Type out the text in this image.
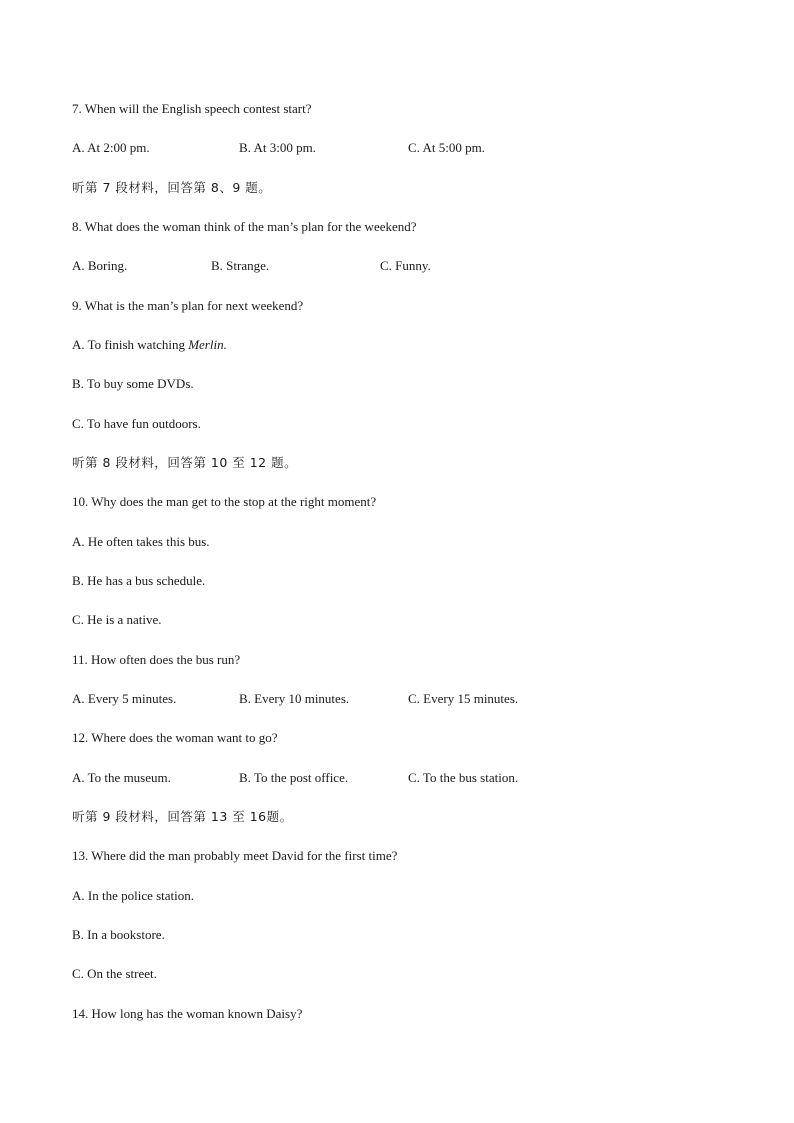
7. When will the English speech contest start?
A. At 2:00 pm.	B. At 3:00 pm.	C. At 5:00 pm.
听第 7 段材料，回答第 8、9 题。
8. What does the woman think of the man’s plan for the weekend?
A. Boring.	B. Strange.	C. Funny.
9. What is the man’s plan for next weekend?
A. To finish watching Merlin.
B. To buy some DVDs.
C. To have fun outdoors.
听第 8 段材料，回答第 10 至 12 题。
10. Why does the man get to the stop at the right moment?
A. He often takes this bus.
B. He has a bus schedule.
C. He is a native.
11. How often does the bus run?
A. Every 5 minutes.	B. Every 10 minutes.	C. Every 15 minutes.
12. Where does the woman want to go?
A. To the museum.	B. To the post office.	C. To the bus station.
听第 9 段材料，回答第 13 至 16题。
13. Where did the man probably meet David for the first time?
A. In the police station.
B. In a bookstore.
C. On the street.
14. How long has the woman known Daisy?
